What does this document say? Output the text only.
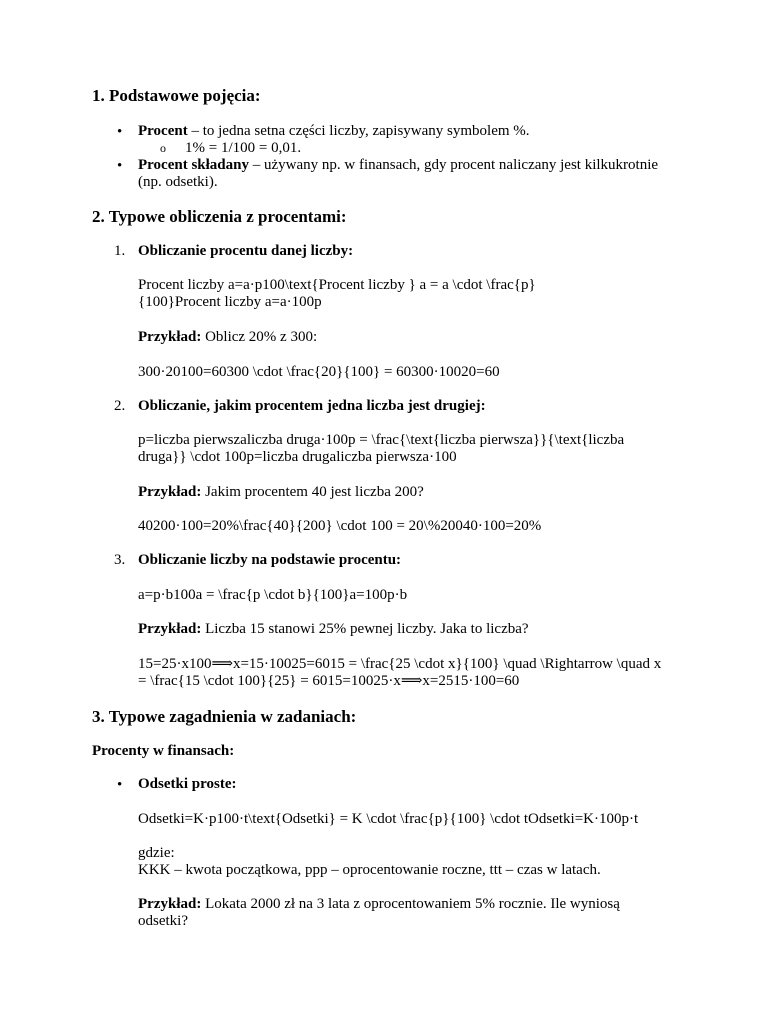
1. Podstawowe pojęcia:
• Procent – to jedna setna części liczby, zapisywany symbolem %.
o 1% = 1/100 = 0,01.
• Procent składany – używany np. w finansach, gdy procent naliczany jest kilkukrotnie
(np. odsetki).
2. Typowe obliczenia z procentami:
1. Obliczanie procentu danej liczby:
Procent liczby a=a·p100\text{Procent liczby } a = a \cdot \frac{p}
{100}Procent liczby a=a·100p
Przykład: Oblicz 20% z 300:
300·20100=60300 \cdot \frac{20}{100} = 60300·10020=60
2. Obliczanie, jakim procentem jedna liczba jest drugiej:
p=liczba pierwszaliczba druga·100p = \frac{\text{liczba pierwsza}}{\text{liczba
druga}} \cdot 100p=liczba drugaliczba pierwsza·100
Przykład: Jakim procentem 40 jest liczba 200?
40200·100=20%\frac{40}{200} \cdot 100 = 20\%20040·100=20%
3. Obliczanie liczby na podstawie procentu:
a=p·b100a = \frac{p \cdot b}{100}a=100p·b
Przykład: Liczba 15 stanowi 25% pewnej liczby. Jaka to liczba?
15=25·x100⟹x=15·10025=6015 = \frac{25 \cdot x}{100} \quad \Rightarrow \quad x
= \frac{15 \cdot 100}{25} = 6015=10025·x⟹x=2515·100=60
3. Typowe zagadnienia w zadaniach:
Procenty w finansach:
• Odsetki proste:
Odsetki=K·p100·t\text{Odsetki} = K \cdot \frac{p}{100} \cdot tOdsetki=K·100p·t
gdzie:
KKK – kwota początkowa, ppp – oprocentowanie roczne, ttt – czas w latach.
Przykład: Lokata 2000 zł na 3 lata z oprocentowaniem 5% rocznie. Ile wyniosą
odsetki?
